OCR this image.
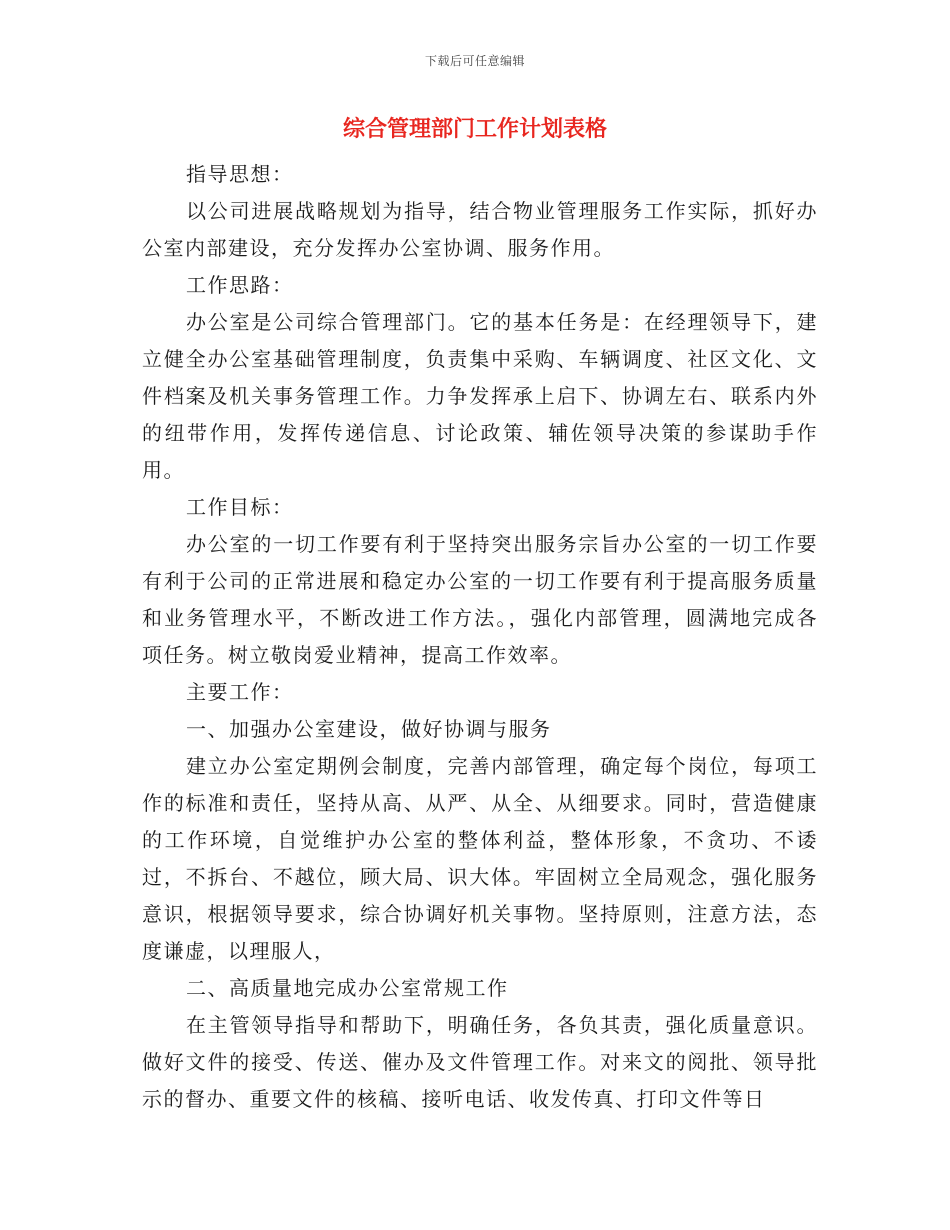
下载后可任意编辑
综合管理部门工作计划表格

指导思想：

以公司进展战略规划为指导，结合物业管理服务工作实际，抓好办公室内部建设，充分发挥办公室协调、服务作用。

工作思路：

办公室是公司综合管理部门。它的基本任务是：在经理领导下，建立健全办公室基础管理制度，负责集中采购、车辆调度、社区文化、文件档案及机关事务管理工作。力争发挥承上启下、协调左右、联系内外的纽带作用，发挥传递信息、讨论政策、辅佐领导决策的参谋助手作用。

工作目标：

办公室的一切工作要有利于坚持突出服务宗旨办公室的一切工作要有利于公司的正常进展和稳定办公室的一切工作要有利于提高服务质量和业务管理水平，不断改进工作方法。，强化内部管理，圆满地完成各项任务。树立敬岗爱业精神，提高工作效率。

主要工作：

一、加强办公室建设，做好协调与服务

建立办公室定期例会制度，完善内部管理，确定每个岗位，每项工作的标准和责任，坚持从高、从严、从全、从细要求。同时，营造健康的工作环境，自觉维护办公室的整体利益，整体形象，不贪功、不诿过，不拆台、不越位，顾大局、识大体。牢固树立全局观念，强化服务意识，根据领导要求，综合协调好机关事物。坚持原则，注意方法，态度谦虚，以理服人，

二、高质量地完成办公室常规工作

在主管领导指导和帮助下，明确任务，各负其责，强化质量意识。做好文件的接受、传送、催办及文件管理工作。对来文的阅批、领导批示的督办、重要文件的核稿、接听电话、收发传真、打印文件等日
